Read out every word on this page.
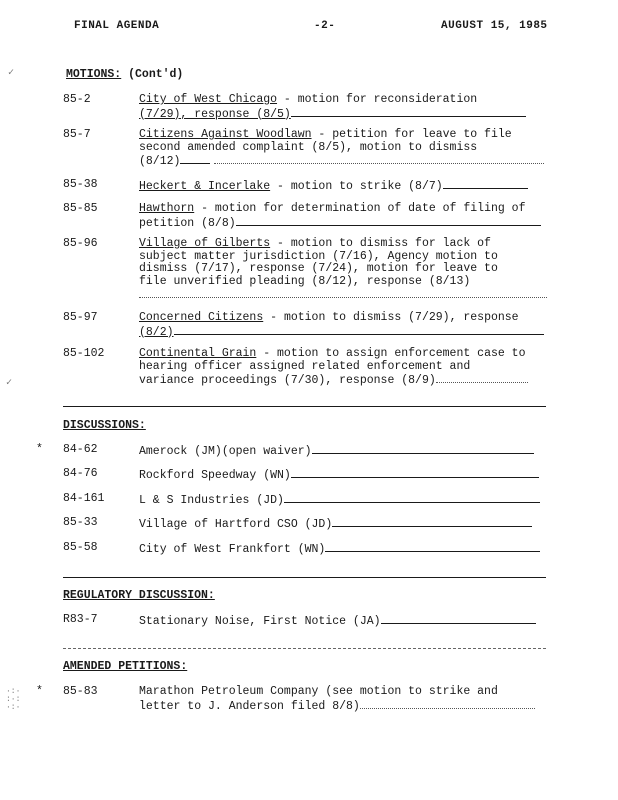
FINAL AGENDA	-2-	AUGUST 15, 1985
✓
✓
·:·
:·:
·:·
MOTIONS: (Cont'd)
85-2	City of West Chicago - motion for reconsideration
(7/29), response (8/5)
85-7	Citizens Against Woodlawn - petition for leave to file
second amended complaint (8/5), motion to dismiss
(8/12)
85-38	Heckert & Incerlake - motion to strike (8/7)
85-85	Hawthorn - motion for determination of date of filing of
petition (8/8)
85-96	Village of Gilberts - motion to dismiss for lack of
subject matter jurisdiction (7/16), Agency motion to
dismiss (7/17), response (7/24), motion for leave to
file unverified pleading (8/12), response (8/13)
85-97	Concerned Citizens - motion to dismiss (7/29), response
(8/2)
85-102	Continental Grain - motion to assign enforcement case to
hearing officer assigned related enforcement and
variance proceedings (7/30), response (8/9)
DISCUSSIONS:
* 84-62	Amerock (JM)(open waiver)
84-76	Rockford Speedway (WN)
84-161	L & S Industries (JD)
85-33	Village of Hartford CSO (JD)
85-58	City of West Frankfort (WN)
REGULATORY DISCUSSION:
R83-7	Stationary Noise, First Notice (JA)
AMENDED PETITIONS:
* 85-83	Marathon Petroleum Company (see motion to strike and
letter to J. Anderson filed 8/8)
